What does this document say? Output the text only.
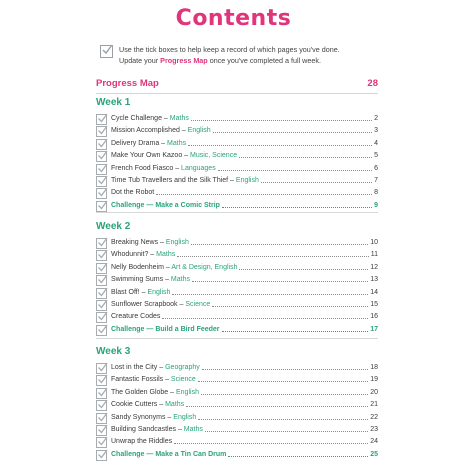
Contents
Use the tick boxes to help keep a record of which pages you've done.
Update your Progress Map once you've completed a full week.
Progress Map	28
Week 1
Cycle Challenge – Maths	2
Mission Accomplished – English	3
Delivery Drama – Maths	4
Make Your Own Kazoo – Music, Science	5
French Food Fiasco – Languages	6
Time Tub Travellers and the Silk Thief – English	7
Dot the Robot	8
Challenge — Make a Comic Strip	9
Week 2
Breaking News – English	10
Whodunnit? – Maths	11
Nelly Bodenheim – Art & Design, English	12
Swimming Sums – Maths	13
Blast Off! – English	14
Sunflower Scrapbook – Science	15
Creature Codes	16
Challenge — Build a Bird Feeder	17
Week 3
Lost in the City – Geography	18
Fantastic Fossils – Science	19
The Golden Globe – English	20
Cookie Cutters – Maths	21
Sandy Synonyms – English	22
Building Sandcastles – Maths	23
Unwrap the Riddles	24
Challenge — Make a Tin Can Drum	25
